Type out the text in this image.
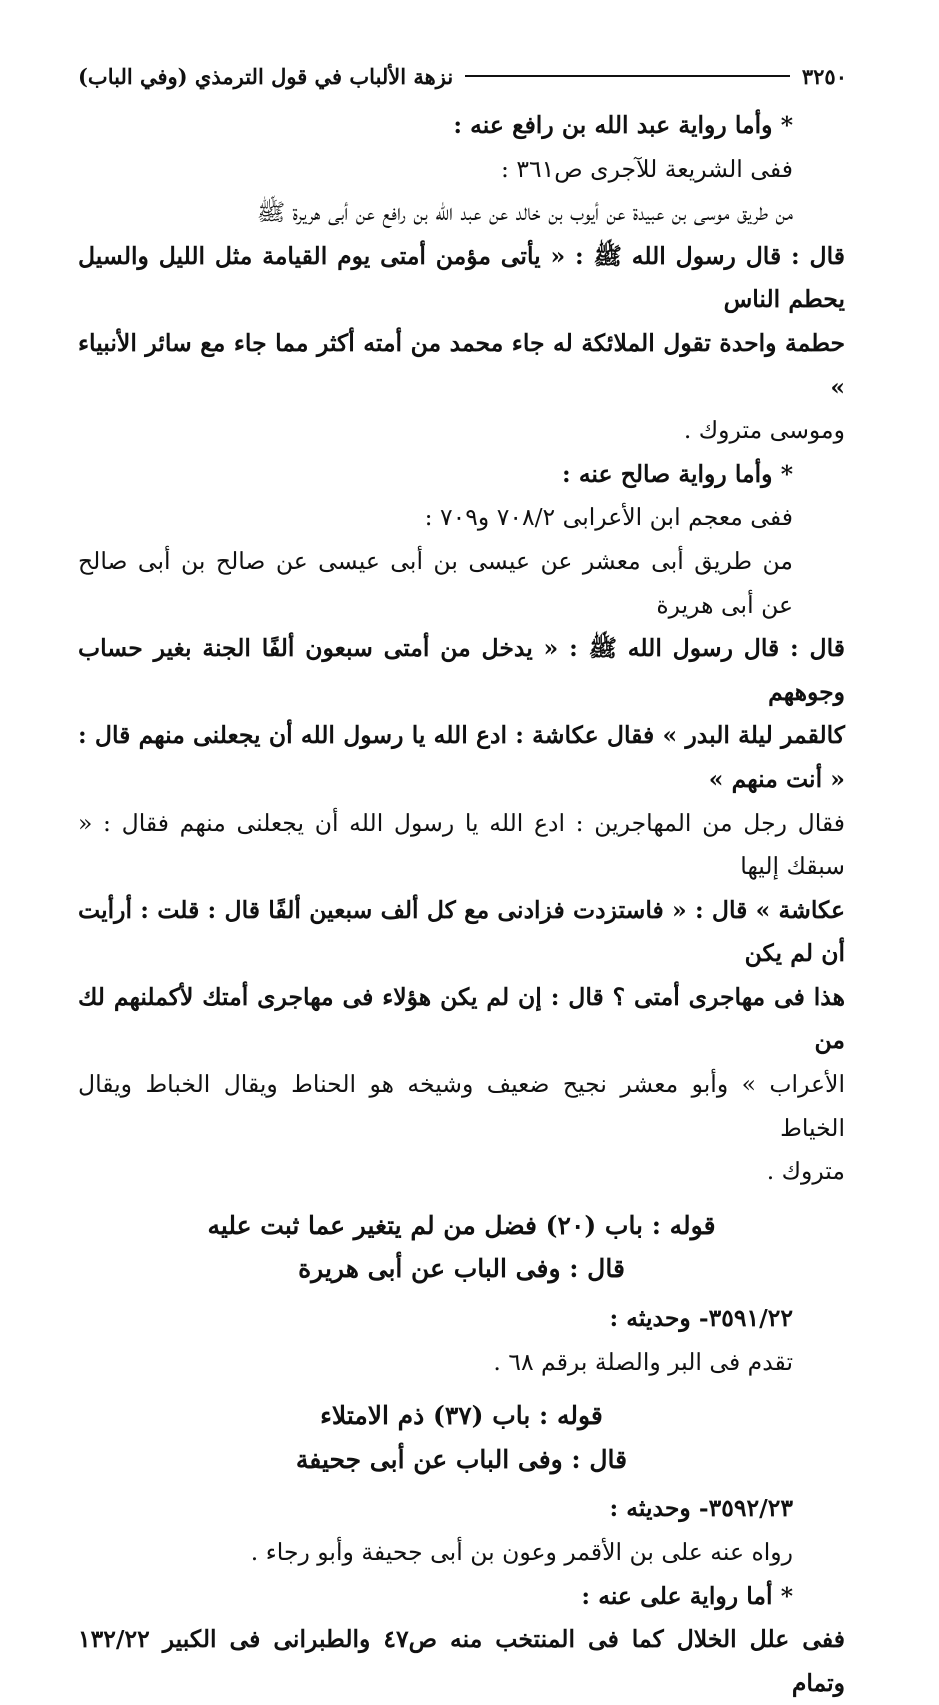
٣٢٥٠
نزهة الألباب في قول الترمذي (وفي الباب)

* وأما رواية عبد الله بن رافع عنه :

ففى الشريعة للآجرى ص٣٦١ :

من طريق موسى بن عبيدة عن أيوب بن خالد عن عبد الله بن رافع عن أبى هريرة ﷺ

قال : قال رسول الله ﷺ : « يأتى مؤمن أمتى يوم القيامة مثل الليل والسيل يحطم الناس

حطمة واحدة تقول الملائكة له جاء محمد من أمته أكثر مما جاء مع سائر الأنبياء »

وموسى متروك .

* وأما رواية صالح عنه :

ففى معجم ابن الأعرابى ٧٠٨/٢ و٧٠٩ :

من طريق أبى معشر عن عيسى بن أبى عيسى عن صالح بن أبى صالح عن أبى هريرة

قال : قال رسول الله ﷺ : « يدخل من أمتى سبعون ألفًا الجنة بغير حساب وجوههم

كالقمر ليلة البدر » فقال عكاشة : ادع الله يا رسول الله أن يجعلنى منهم قال : « أنت منهم »

فقال رجل من المهاجرين : ادع الله يا رسول الله أن يجعلنى منهم فقال : « سبقك إليها

عكاشة » قال : « فاستزدت فزادنى مع كل ألف سبعين ألفًا قال : قلت : أرأيت أن لم يكن

هذا فى مهاجرى أمتى ؟ قال : إن لم يكن هؤلاء فى مهاجرى أمتك لأكملنهم لك من

الأعراب » وأبو معشر نجيح ضعيف وشيخه هو الحناط ويقال الخباط ويقال الخياط

متروك .

قوله : باب (٢٠) فضل من لم يتغير عما ثبت عليه

قال : وفى الباب عن أبى هريرة

٣٥٩١/٢٢- وحديثه :

تقدم فى البر والصلة برقم ٦٨ .

قوله : باب (٣٧) ذم الامتلاء

قال : وفى الباب عن أبى جحيفة

٣٥٩٢/٢٣- وحديثه :

رواه عنه على بن الأقمر وعون بن أبى جحيفة وأبو رجاء .

* أما رواية على عنه :

ففى علل الخلال كما فى المنتخب منه ص٤٧ والطبرانى فى الكبير ١٣٢/٢٢ وتمام
